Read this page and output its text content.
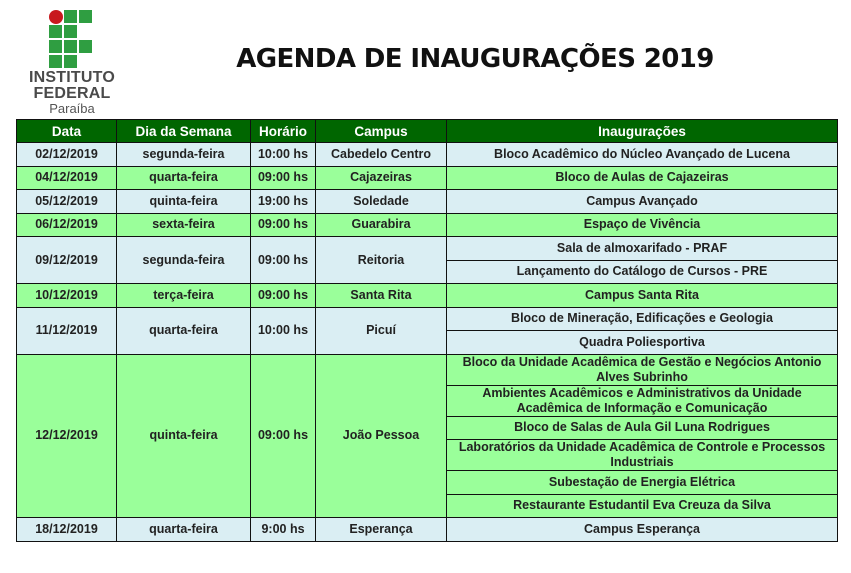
INSTITUTO
FEDERAL
Paraíba
AGENDA DE INAUGURAÇÕES 2019
Data	Dia da Semana	Horário	Campus	Inaugurações
02/12/2019	segunda-feira	10:00 hs	Cabedelo Centro	Bloco Acadêmico do Núcleo Avançado de Lucena
04/12/2019	quarta-feira	09:00 hs	Cajazeiras	Bloco de Aulas de Cajazeiras
05/12/2019	quinta-feira	19:00 hs	Soledade	Campus Avançado
06/12/2019	sexta-feira	09:00 hs	Guarabira	Espaço de Vivência
09/12/2019	segunda-feira	09:00 hs	Reitoria	Sala de almoxarifado - PRAF
				Lançamento do Catálogo de Cursos - PRE
10/12/2019	terça-feira	09:00 hs	Santa Rita	Campus Santa Rita
11/12/2019	quarta-feira	10:00 hs	Picuí	Bloco de Mineração, Edificações e Geologia
				Quadra Poliesportiva
12/12/2019	quinta-feira	09:00 hs	João Pessoa	Bloco da Unidade Acadêmica de Gestão e Negócios Antonio Alves Subrinho
				Ambientes Acadêmicos e Administrativos da Unidade Acadêmica de Informação e Comunicação
				Bloco de Salas de Aula Gil Luna Rodrigues
				Laboratórios da Unidade Acadêmica de Controle e Processos Industriais
				Subestação de Energia Elétrica
				Restaurante Estudantil Eva Creuza da Silva
18/12/2019	quarta-feira	9:00 hs	Esperança	Campus Esperança
